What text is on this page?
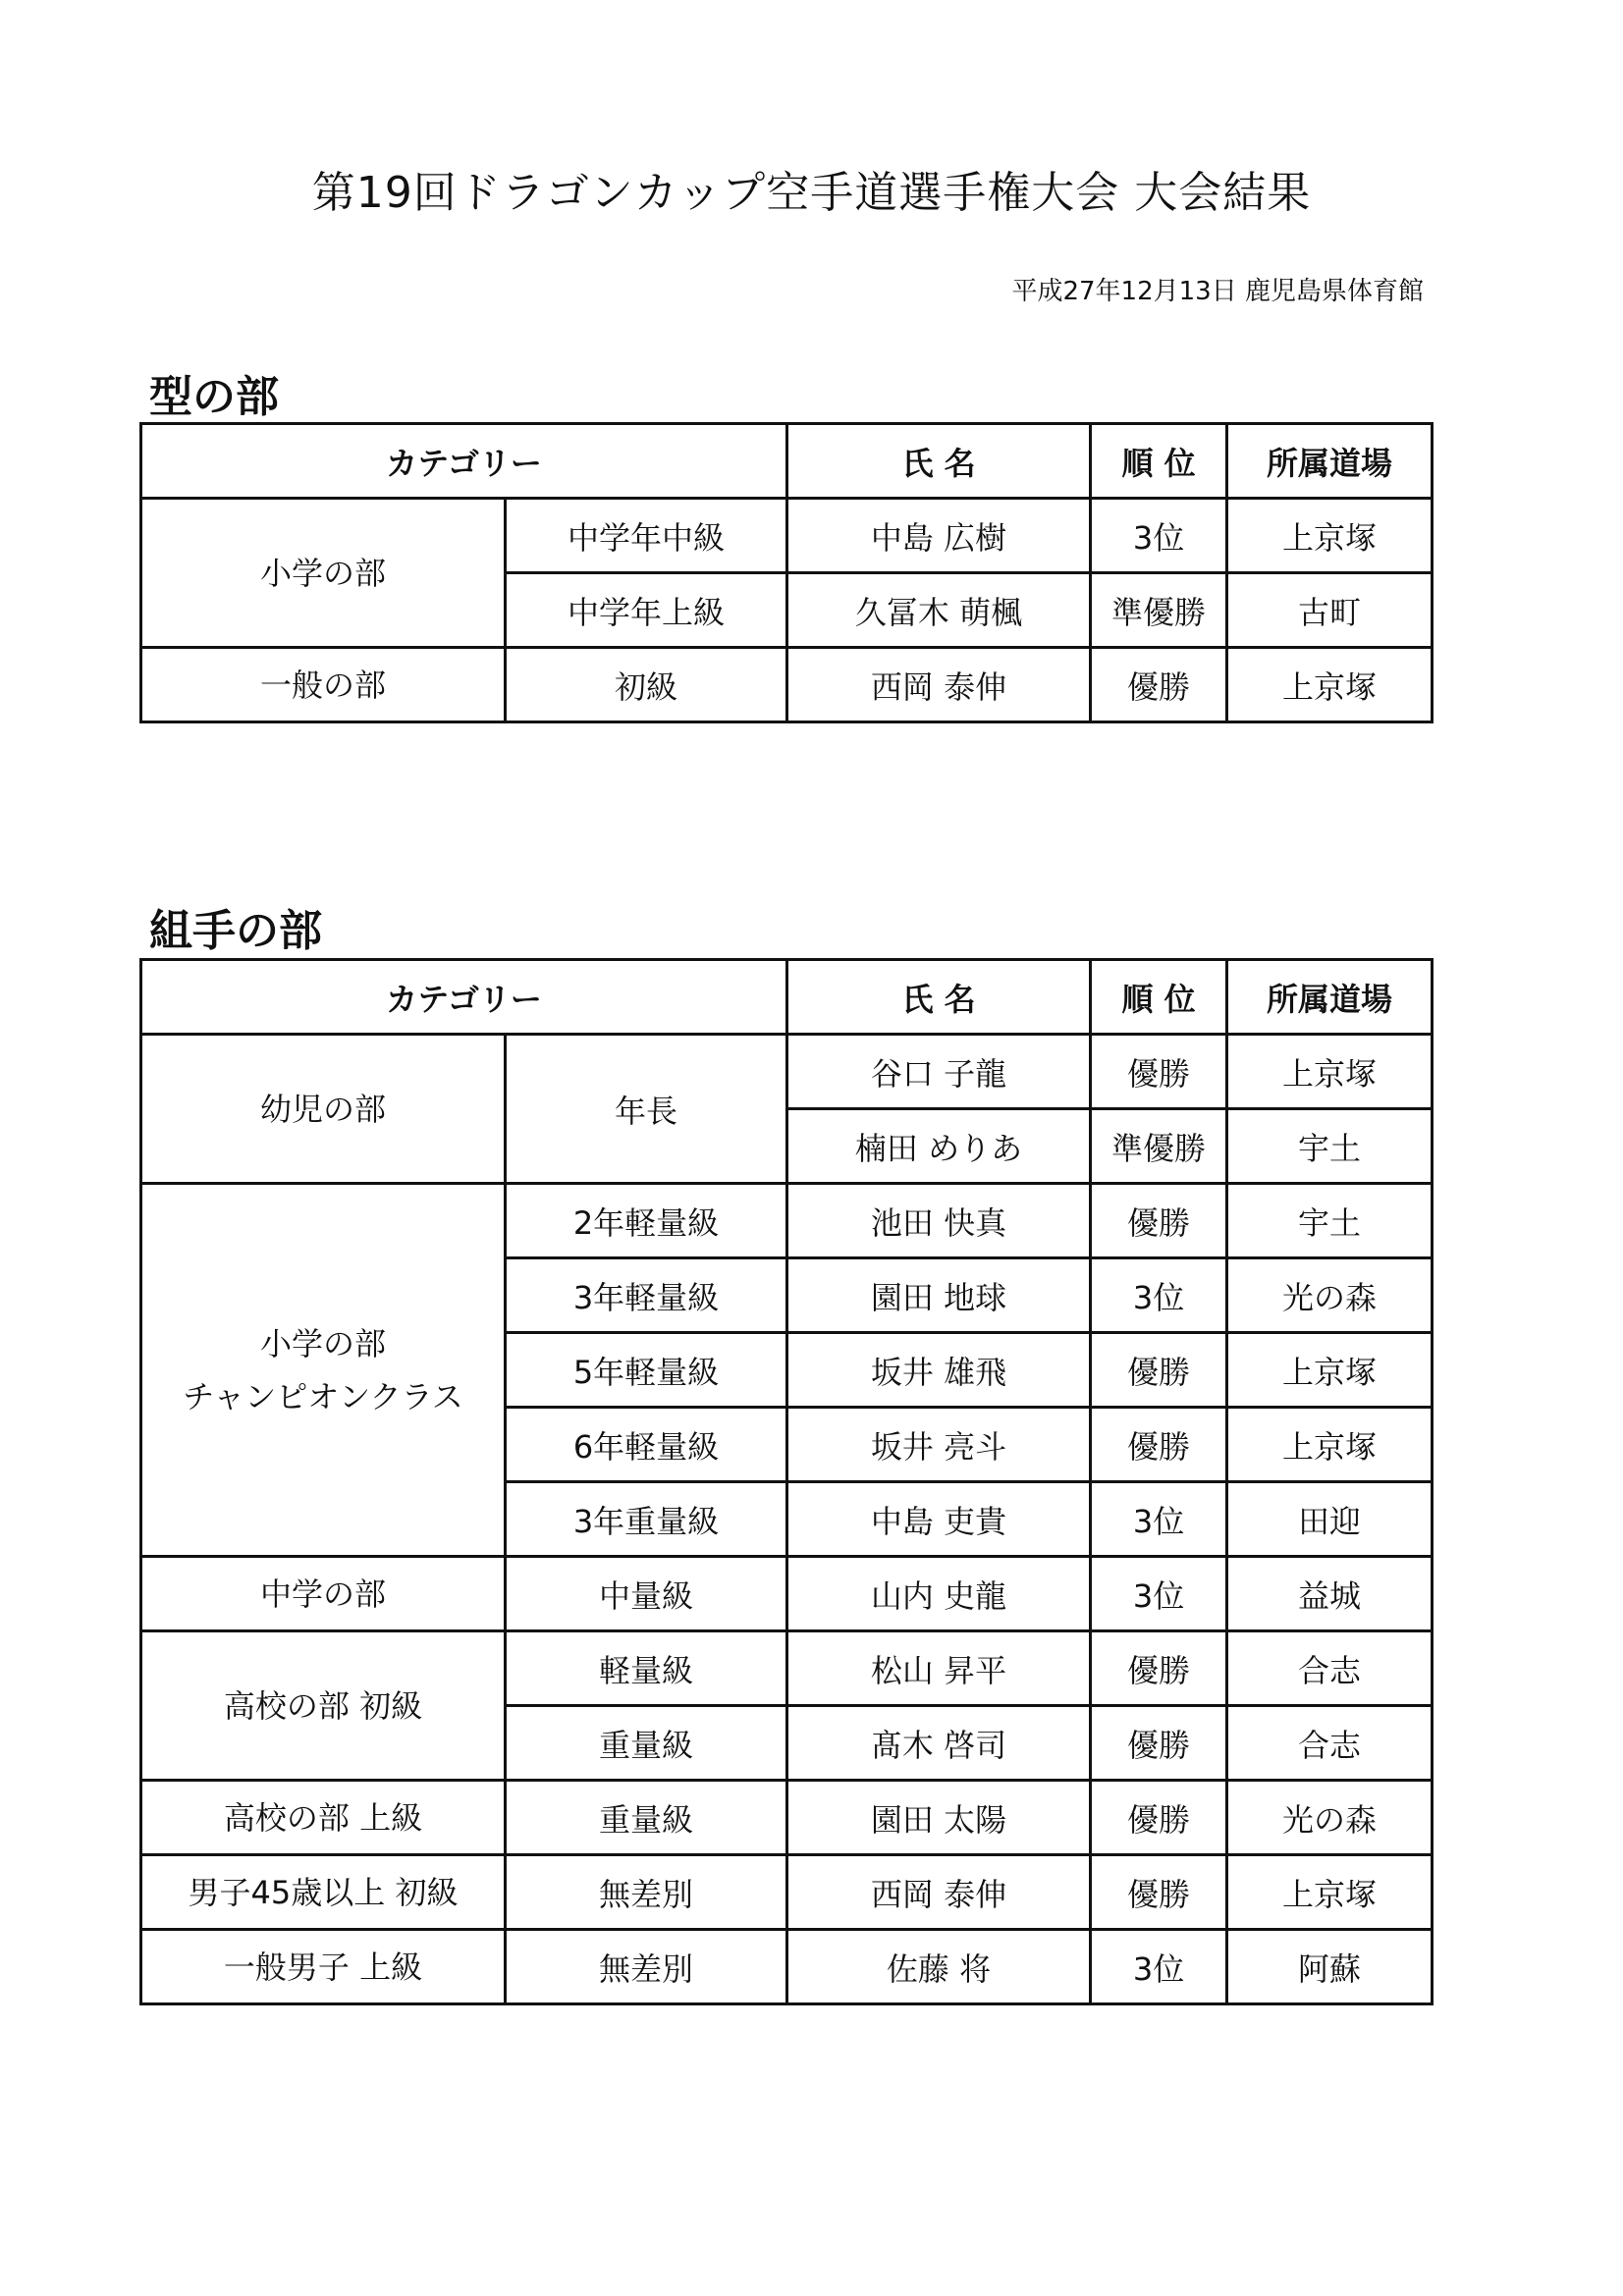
第19回ドラゴンカップ空手道選手権大会 大会結果
平成27年12月13日 鹿児島県体育館
型の部
カテゴリー		氏 名	順 位	所属道場

小学の部	中学年中級	中島 広樹	3位	上京塚
	中学年上級	久冨木 萌楓	準優勝	古町

一般の部	初級	西岡 泰伸	優勝	上京塚
組手の部
カテゴリー		氏 名	順 位	所属道場

幼児の部	年長	谷口 子龍	優勝	上京塚
		楠田 めりあ	準優勝	宇土

小学の部
チャンピオンクラス	2年軽量級	池田 快真	優勝	宇土
	3年軽量級	園田 地球	3位	光の森
	5年軽量級	坂井 雄飛	優勝	上京塚
	6年軽量級	坂井 亮斗	優勝	上京塚
	3年重量級	中島 吏貴	3位	田迎

中学の部	中量級	山内 史龍	3位	益城

高校の部 初級	軽量級	松山 昇平	優勝	合志
	重量級	髙木 啓司	優勝	合志

高校の部 上級	重量級	園田 太陽	優勝	光の森

男子45歳以上 初級	無差別	西岡 泰伸	優勝	上京塚

一般男子 上級	無差別	佐藤 将	3位	阿蘇
